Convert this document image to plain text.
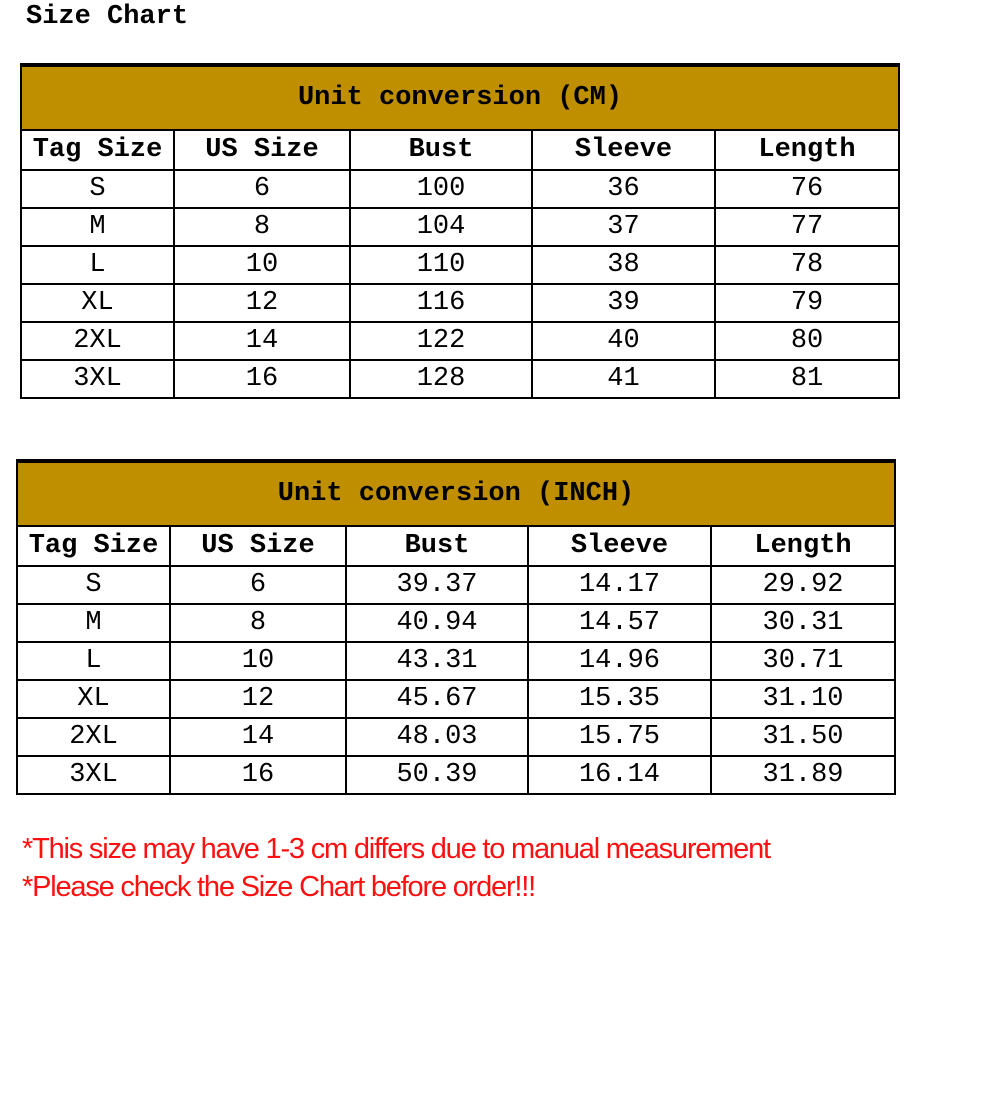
Size Chart
Unit conversion (CM)				
Tag Size	US Size	Bust	Sleeve	Length
S	6	100	36	76
M	8	104	37	77
L	10	110	38	78
XL	12	116	39	79
2XL	14	122	40	80
3XL	16	128	41	81
Unit conversion (INCH)				
Tag Size	US Size	Bust	Sleeve	Length
S	6	39.37	14.17	29.92
M	8	40.94	14.57	30.31
L	10	43.31	14.96	30.71
XL	12	45.67	15.35	31.10
2XL	14	48.03	15.75	31.50
3XL	16	50.39	16.14	31.89
*This size may have 1-3 cm differs due to manual measurement
*Please check the Size Chart before order!!!
